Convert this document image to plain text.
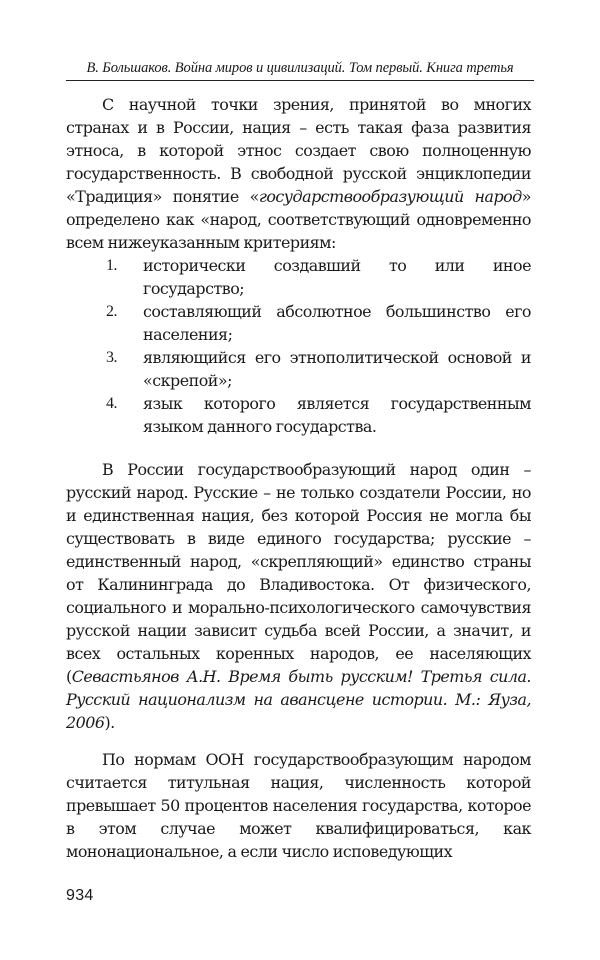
В. Большаков. Война миров и цивилизаций. Том первый. Книга третья

С научной точки зрения, принятой во многих странах и в России, нация – есть такая фаза развития этноса, в которой этнос создает свою полноценную государственность. В свободной русской энциклопедии «Традиция» понятие «государствообразующий народ» определено как «народ, соответствующий одновременно всем нижеуказанным критериям:

1. исторически создавший то или иное государство;
2. составляющий абсолютное большинство его населения;
3. являющийся его этнополитической основой и «скрепой»;
4. язык которого является государственным языком данного государства.

В России государствообразующий народ один – русский народ. Русские – не только создатели России, но и единственная нация, без которой Россия не могла бы существовать в виде единого государства; русские – единственный народ, «скрепляющий» единство страны от Калининграда до Владивостока. От физического, социального и морально-психологического самочувствия русской нации зависит судьба всей России, а значит, и всех остальных коренных народов, ее населяющих (Севастьянов А.Н. Время быть русским! Третья сила. Русский национализм на авансцене истории. М.: Яуза, 2006).

По нормам ООН государствообразующим народом считается титульная нация, численность которой превышает 50 процентов населения государства, которое в этом случае может квалифицироваться, как мононациональное, а если число исповедующих

934
